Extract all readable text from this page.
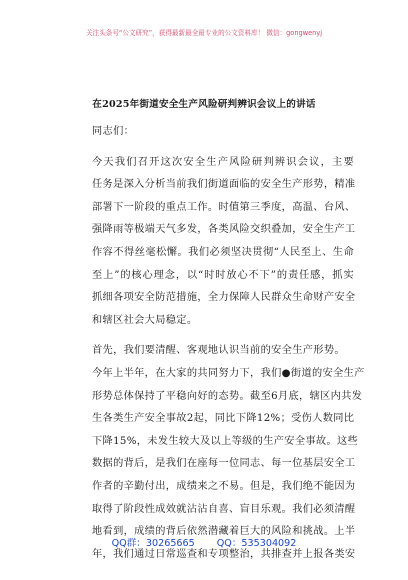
关注头条号“公文研究”，获得最新最全最专业的公文资料库！ 微信：gongwenyj
在2025年街道安全生产风险研判辨识会议上的讲话
同志们：
今天我们召开这次安全生产风险研判辨识会议，主要
任务是深入分析当前我们街道面临的安全生产形势，精准
部署下一阶段的重点工作。时值第三季度，高温、台风、
强降雨等极端天气多发，各类风险交织叠加，安全生产工
作容不得丝毫松懈。我们必须坚决贯彻“人民至上、生命
至上”的核心理念，以“时时放心不下”的责任感，抓实
抓细各项安全防范措施，全力保障人民群众生命财产安全
和辖区社会大局稳定。
首先，我们要清醒、客观地认识当前的安全生产形势。
今年上半年，在大家的共同努力下，我们●街道的安全生产
形势总体保持了平稳向好的态势。截至6月底，辖区内共发
生各类生产安全事故2起，同比下降12%；受伤人数同比
下降15%，未发生较大及以上等级的生产安全事故。这些
数据的背后，是我们在座每一位同志、每一位基层安全工
作者的辛勤付出，成绩来之不易。但是，我们绝不能因为
取得了阶段性成效就沾沾自喜、盲目乐观。我们必须清醒
地看到，成绩的背后依然潜藏着巨大的风险和挑战。上半
年，我们通过日常巡查和专项整治，共排查并上报各类安
QQ群：30265665 QQ：535304092
